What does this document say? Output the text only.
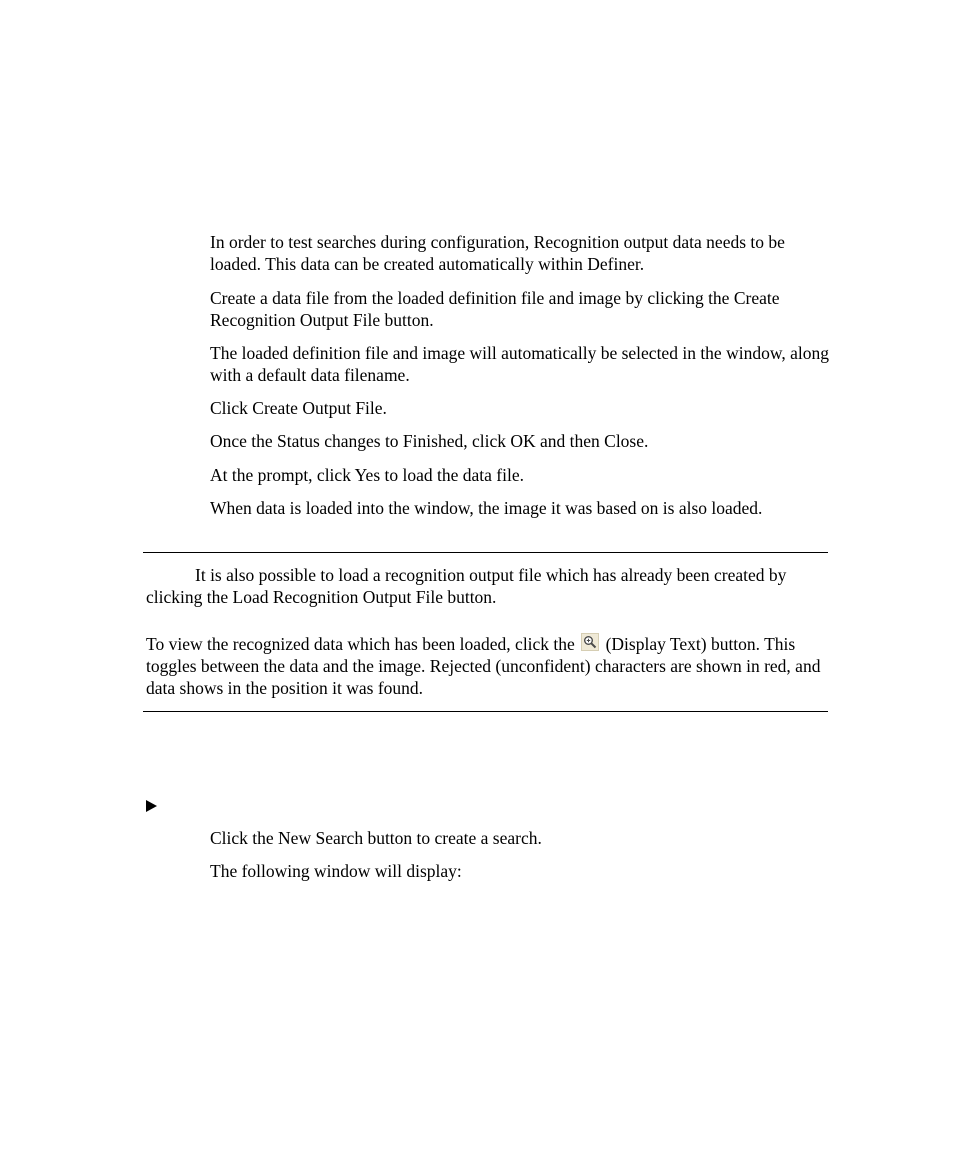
In order to test searches during configuration, Recognition output data needs to be loaded. This data can be created automatically within Definer.

Create a data file from the loaded definition file and image by clicking the Create Recognition Output File button.

The loaded definition file and image will automatically be selected in the window, along with a default data filename.

Click Create Output File.

Once the Status changes to Finished, click OK and then Close.

At the prompt, click Yes to load the data file.

When data is loaded into the window, the image it was based on is also loaded.

It is also possible to load a recognition output file which has already been created by clicking the Load Recognition Output File button.

To view the recognized data which has been loaded, click the (Display Text) button. This toggles between the data and the image. Rejected (unconfident) characters are shown in red, and data shows in the position it was found.

Click the New Search button to create a search.

The following window will display:
